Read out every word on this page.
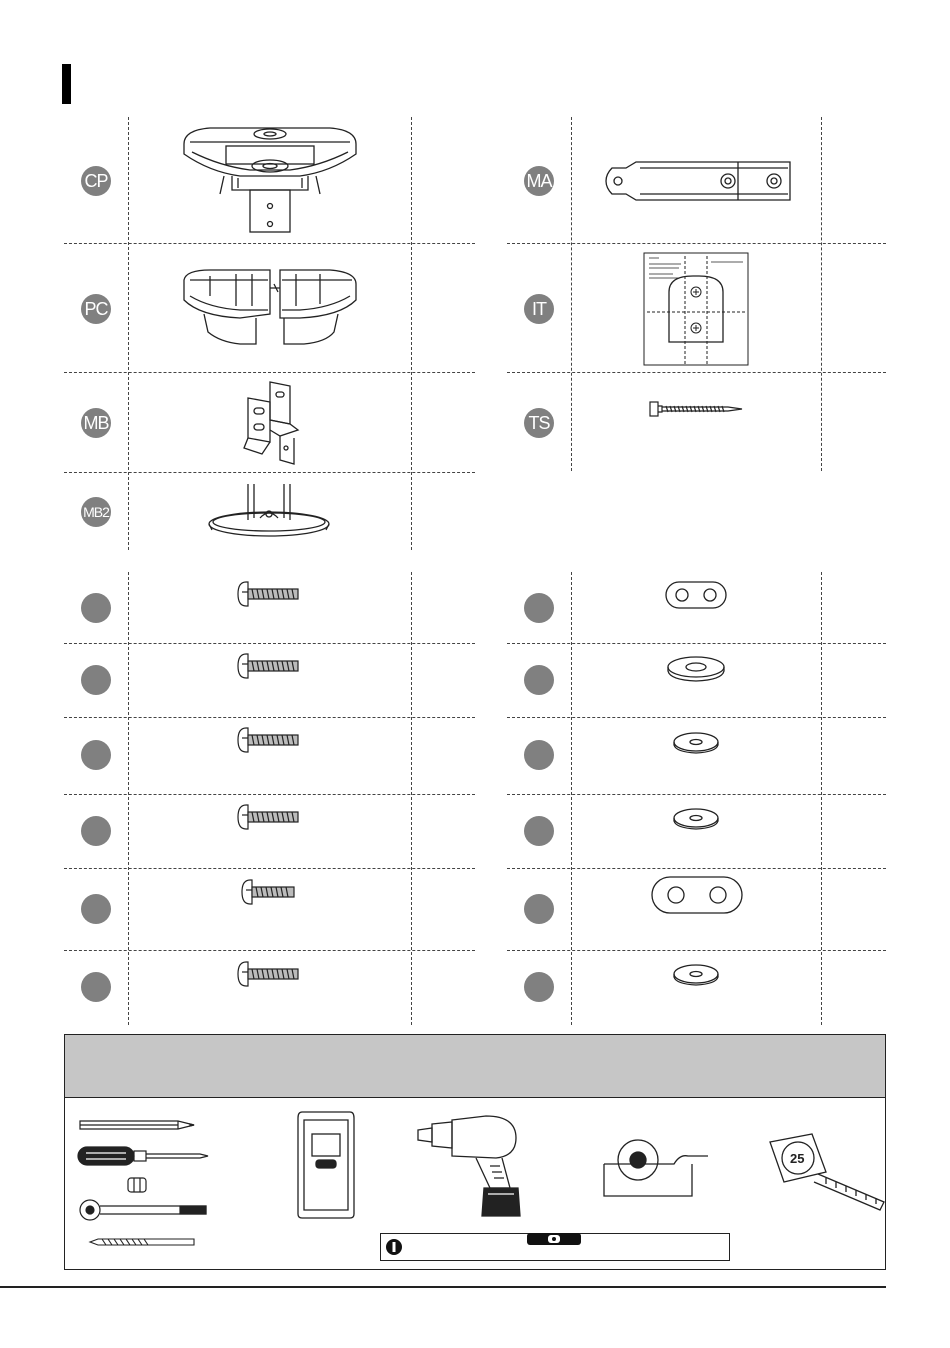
CP
PC
MB
MB2
MA
IT
TS
25
